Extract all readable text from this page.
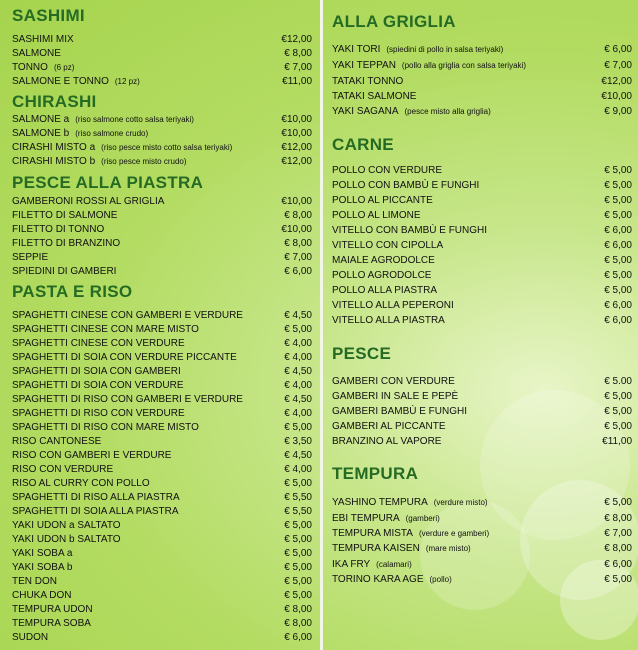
SASHIMI
SASHIMI MIX	€12,00
SALMONE	€ 8,00
TONNO (6 pz)	€ 7,00
SALMONE E TONNO (12 pz)	€11,00
CHIRASHI
SALMONE a (riso salmone cotto salsa teriyaki)	€10,00
SALMONE b (riso salmone crudo)	€10,00
CIRASHI MISTO a (riso pesce misto cotto salsa teriyaki)	€12,00
CIRASHI MISTO b (riso pesce misto crudo)	€12,00
PESCE ALLA PIASTRA
GAMBERONI ROSSI AL GRIGLIA	€10,00
FILETTO DI SALMONE	€ 8,00
FILETTO DI TONNO	€10,00
FILETTO DI BRANZINO	€ 8,00
SEPPIE	€ 7,00
SPIEDINI DI GAMBERI	€ 6,00
PASTA E RISO
SPAGHETTI CINESE CON GAMBERI E VERDURE	€ 4,50
SPAGHETTI CINESE CON MARE MISTO	€ 5,00
SPAGHETTI CINESE CON VERDURE	€ 4,00
SPAGHETTI DI SOIA CON VERDURE PICCANTE	€ 4,00
SPAGHETTI DI SOIA CON GAMBERI	€ 4,50
SPAGHETTI DI SOIA CON VERDURE	€ 4,00
SPAGHETTI DI RISO CON GAMBERI E VERDURE	€ 4,50
SPAGHETTI DI RISO CON VERDURE	€ 4,00
SPAGHETTI DI RISO CON MARE MISTO	€ 5,00
RISO CANTONESE	€ 3,50
RISO CON GAMBERI E VERDURE	€ 4,50
RISO CON VERDURE	€ 4,00
RISO AL CURRY CON POLLO	€ 5,00
SPAGHETTI DI RISO ALLA PIASTRA	€ 5,50
SPAGHETTI DI SOIA ALLA PIASTRA	€ 5,50
YAKI UDON a SALTATO	€ 5,00
YAKI UDON b SALTATO	€ 5,00
YAKI SOBA a	€ 5,00
YAKI SOBA b	€ 5,00
TEN DON	€ 5,00
CHUKA DON	€ 5,00
TEMPURA UDON	€ 8,00
TEMPURA SOBA	€ 8,00
SUDON	€ 6,00
ALLA GRIGLIA
YAKI TORI (spiedini di pollo in salsa teriyaki)	€ 6,00
YAKI TEPPAN (pollo alla griglia con salsa teriyaki)	€ 7,00
TATAKI TONNO	€12,00
TATAKI SALMONE	€10,00
YAKI SAGANA (pesce misto alla griglia)	€ 9,00
CARNE
POLLO CON VERDURE	€ 5,00
POLLO CON BAMBÙ E FUNGHI	€ 5,00
POLLO AL PICCANTE	€ 5,00
POLLO AL LIMONE	€ 5,00
VITELLO CON BAMBÙ E FUNGHI	€ 6,00
VITELLO CON CIPOLLA	€ 6,00
MAIALE AGRODOLCE	€ 5,00
POLLO AGRODOLCE	€ 5,00
POLLO ALLA PIASTRA	€ 5,00
VITELLO ALLA PEPERONI	€ 6,00
VITELLO ALLA PIASTRA	€ 6,00
PESCE
GAMBERI CON VERDURE	€ 5.00
GAMBERI IN SALE E PEPÈ	€ 5,00
GAMBERI BAMBÙ E FUNGHI	€ 5,00
GAMBERI AL PICCANTE	€ 5,00
BRANZINO AL VAPORE	€11,00
TEMPURA
YASHINO TEMPURA (verdure misto)	€ 5,00
EBI TEMPURA (gamberi)	€ 8,00
TEMPURA MISTA (verdure e gamberi)	€ 7,00
TEMPURA KAISEN (mare misto)	€ 8,00
IKA FRY (calamari)	€ 6,00
TORINO KARA AGE (pollo)	€ 5,00
